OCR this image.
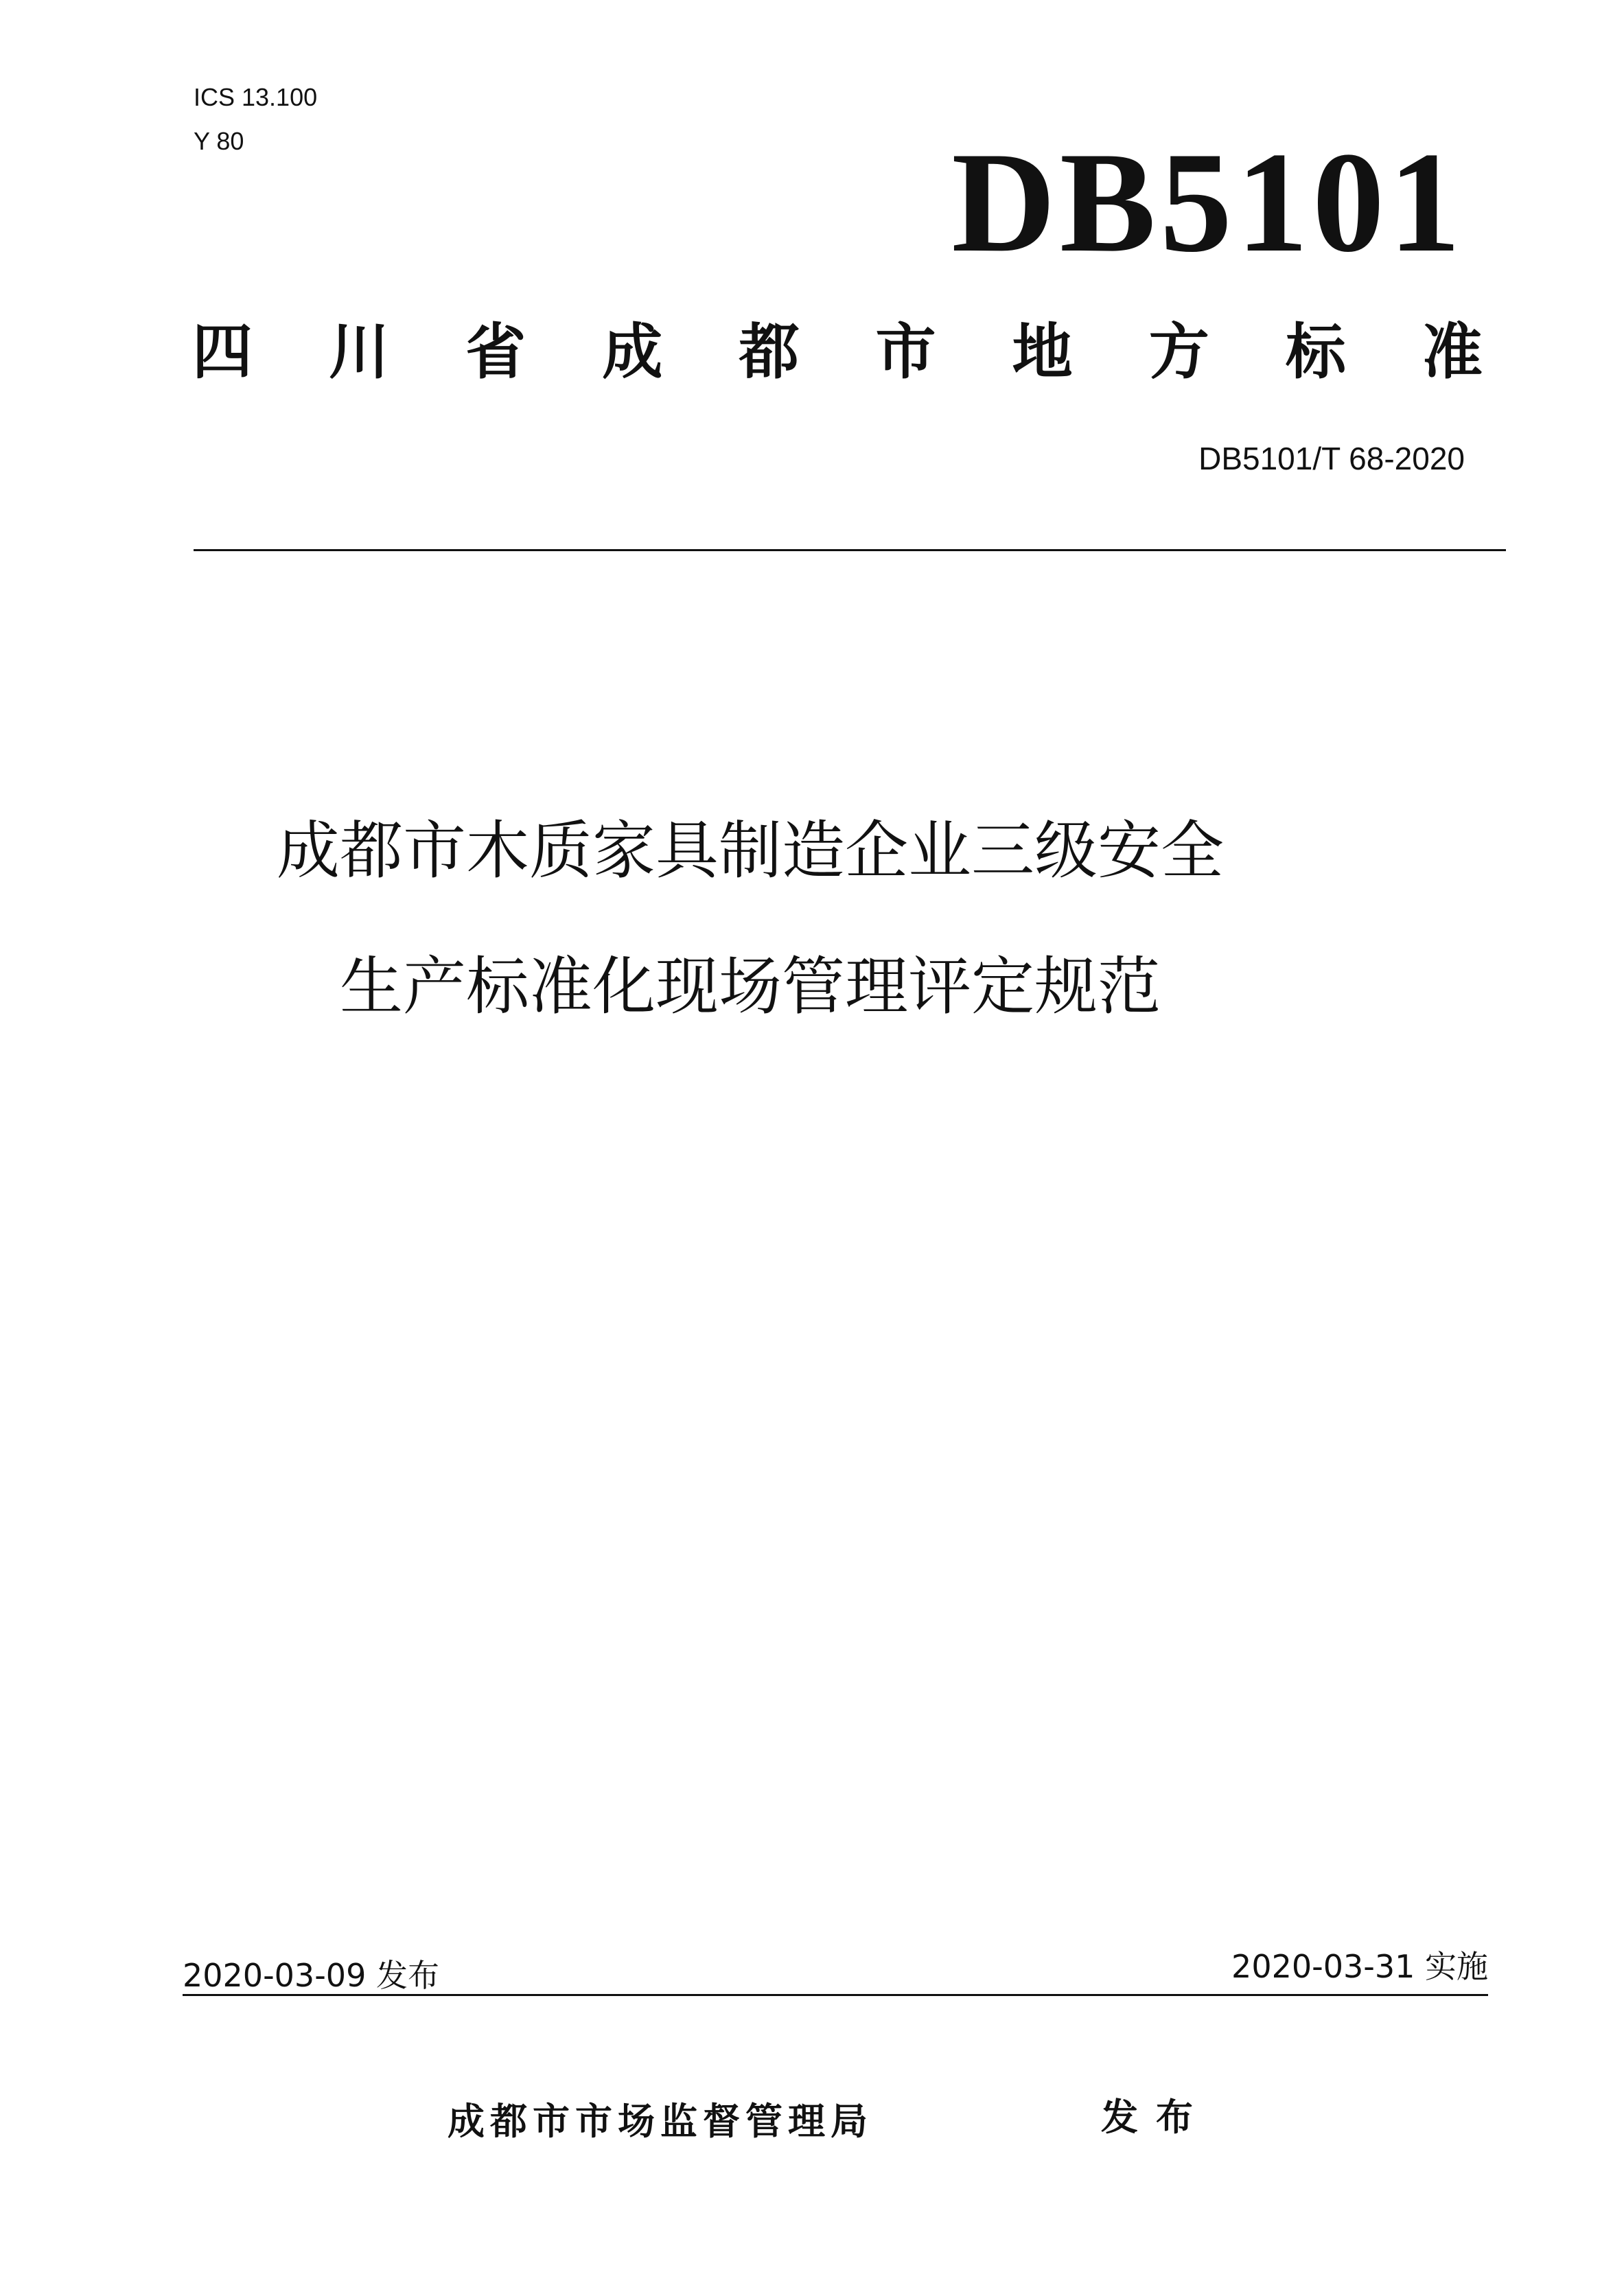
ICS 13.100
Y 80	DB5101
四 川 省 成 都 市 地 方 标 准
DB5101/T 68-2020
成都市木质家具制造企业三级安全
生产标准化现场管理评定规范
2020-03-09 发布	2020-03-31 实施
成都市市场监督管理局	发布
